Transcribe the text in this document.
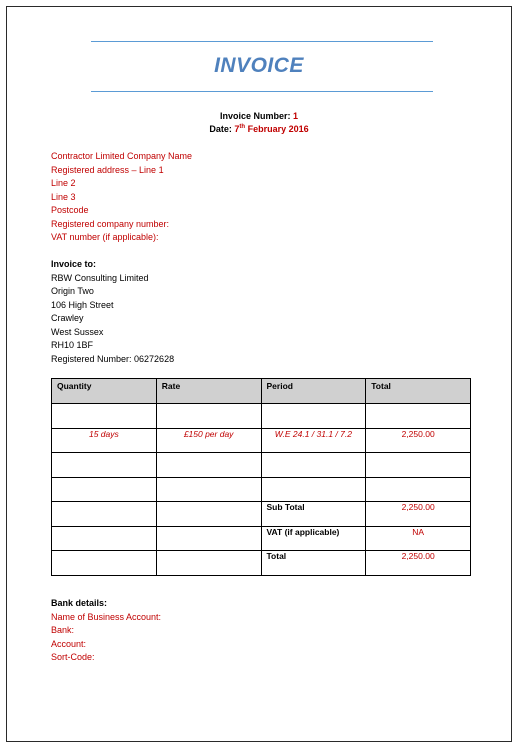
INVOICE
Invoice Number: 1
Date: 7th February 2016
Contractor Limited Company Name
Registered address – Line 1
Line 2
Line 3
Postcode
Registered company number:
VAT number (if applicable):
Invoice to:
RBW Consulting Limited
Origin Two
106 High Street
Crawley
West Sussex
RH10 1BF
Registered Number: 06272628
Quantity	Rate	Period	Total

15 days	£150 per day	W.E 24.1 / 31.1 / 7.2	2,250.00

		Sub Total	2,250.00
		VAT (if applicable)	NA
		Total	2,250.00
Bank details:
Name of Business Account:
Bank:
Account:
Sort-Code:
